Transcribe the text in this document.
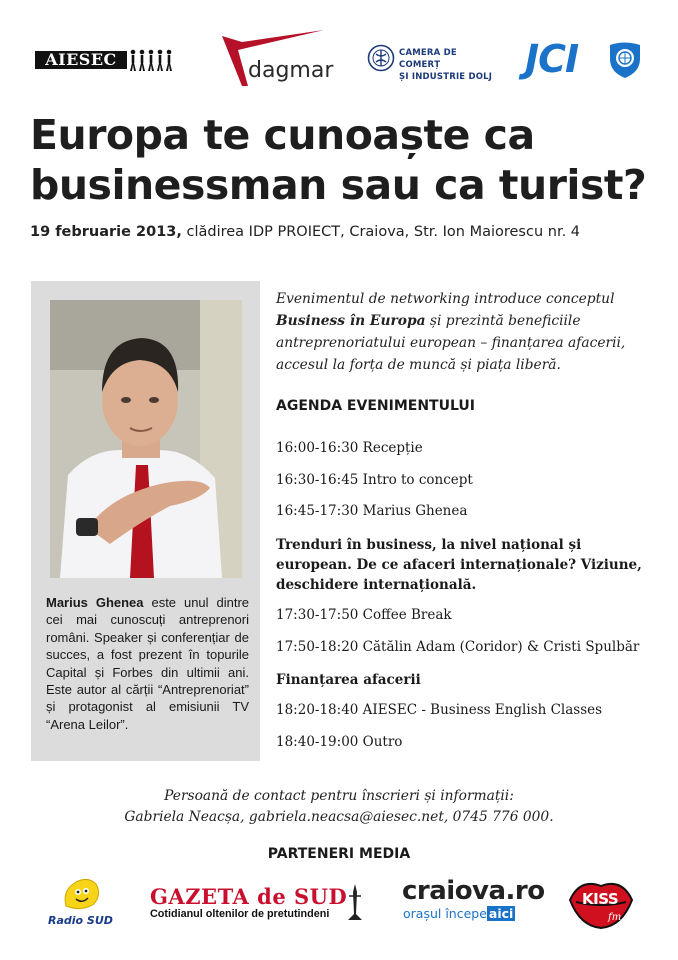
AIESEC	dagmar
CAMERA DE COMERȚ
ȘI INDUSTRIE DOLJ JCI
Europa te cunoaște ca
businessman sau ca turist?
19 februarie 2013, clădirea IDP PROIECT, Craiova, Str. Ion Maiorescu nr. 4
Marius Ghenea este unul dintre cei mai cunoscuți antreprenori români. Speaker și conferențiar de succes, a fost prezent în topurile Capital și Forbes din ultimii ani. Este autor al cărții “Antreprenoriat” și protagonist al emisiunii TV “Arena Leilor”.
Evenimentul de networking introduce conceptul Business în Europa și prezintă beneficiile antreprenoriatului european – finanțarea afacerii, accesul la forța de muncă și piața liberă.
AGENDA EVENIMENTULUI
16:00-16:30 Recepție
16:30-16:45 Intro to concept
16:45-17:30 Marius Ghenea
Trenduri în business, la nivel național și european. De ce afaceri internaționale? Viziune, deschidere internațională.
17:30-17:50 Coffee Break
17:50-18:20 Cătălin Adam (Coridor) & Cristi Spulbăr
Finanțarea afacerii
18:20-18:40 AIESEC - Business English Classes
18:40-19:00 Outro
Persoană de contact pentru înscrieri și informații:
Gabriela Neacșa, gabriela.neacsa@aiesec.net, 0745 776 000.
PARTENERI MEDIA
Radio SUD
GAZETA de SUD
Cotidianul oltenilor de pretutindeni
craiova.ro
orașul începe aici
KISS
fm
